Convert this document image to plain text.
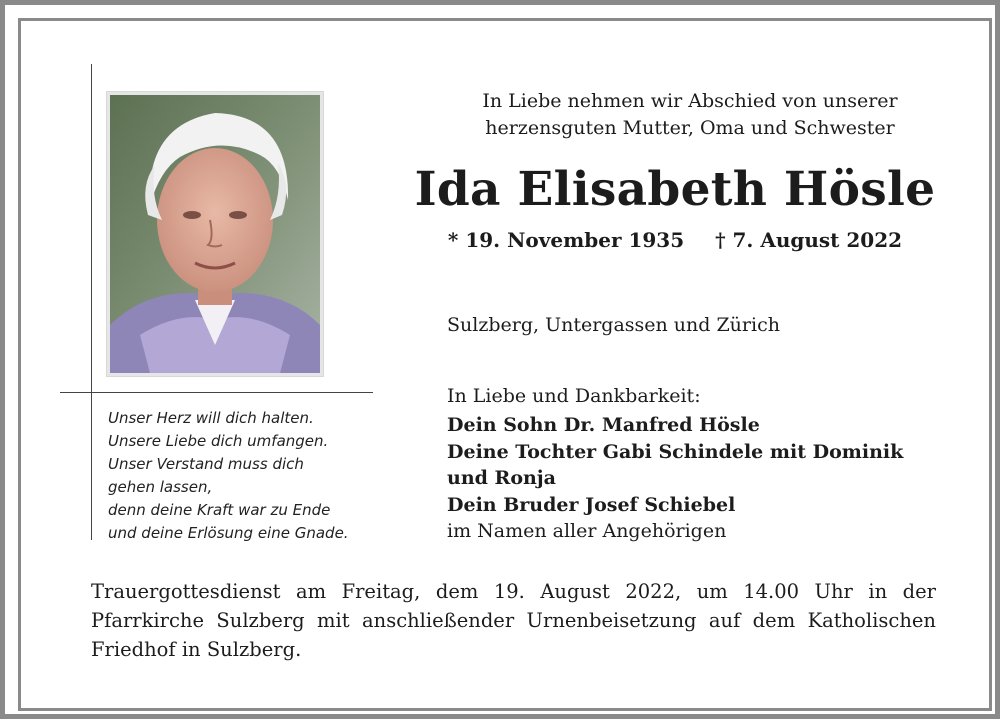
Unser Herz will dich halten.
Unsere Liebe dich umfangen.
Unser Verstand muss dich
gehen lassen,
denn deine Kraft war zu Ende
und deine Erlösung eine Gnade.
In Liebe nehmen wir Abschied von unserer
herzensguten Mutter, Oma und Schwester
Ida Elisabeth Hösle
* 19. November 1935 † 7. August 2022
Sulzberg, Untergassen und Zürich
In Liebe und Dankbarkeit:
Dein Sohn Dr. Manfred Hösle
Deine Tochter Gabi Schindele mit Dominik
und Ronja
Dein Bruder Josef Schiebel
im Namen aller Angehörigen
Trauergottesdienst am Freitag, dem 19. August 2022, um 14.00 Uhr in der Pfarrkirche Sulzberg mit anschließender Urnenbeisetzung auf dem Katholischen Friedhof in Sulzberg.
